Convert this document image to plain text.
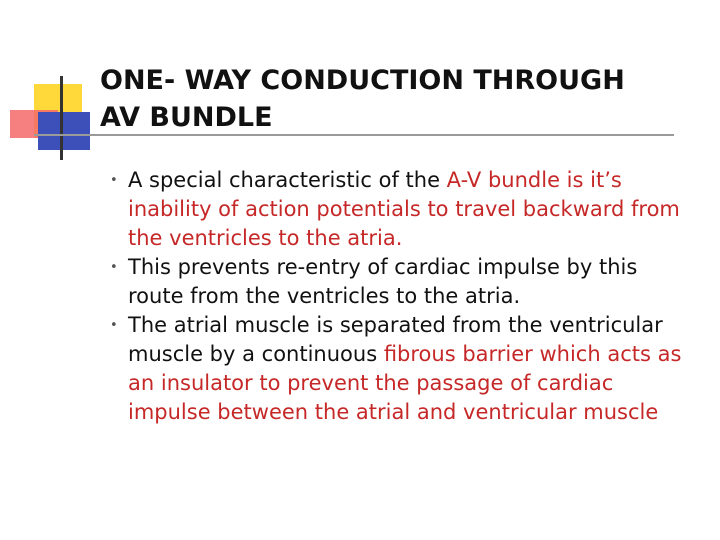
ONE- WAY CONDUCTION THROUGH
AV BUNDLE
• A special characteristic of the A-V bundle is it’s inability of action potentials to travel backward from the ventricles to the atria.
• This prevents re-entry of cardiac impulse by this route from the ventricles to the atria.
• The atrial muscle is separated from the ventricular muscle by a continuous fibrous barrier which acts as an insulator to prevent the passage of cardiac impulse between the atrial and ventricular muscle
